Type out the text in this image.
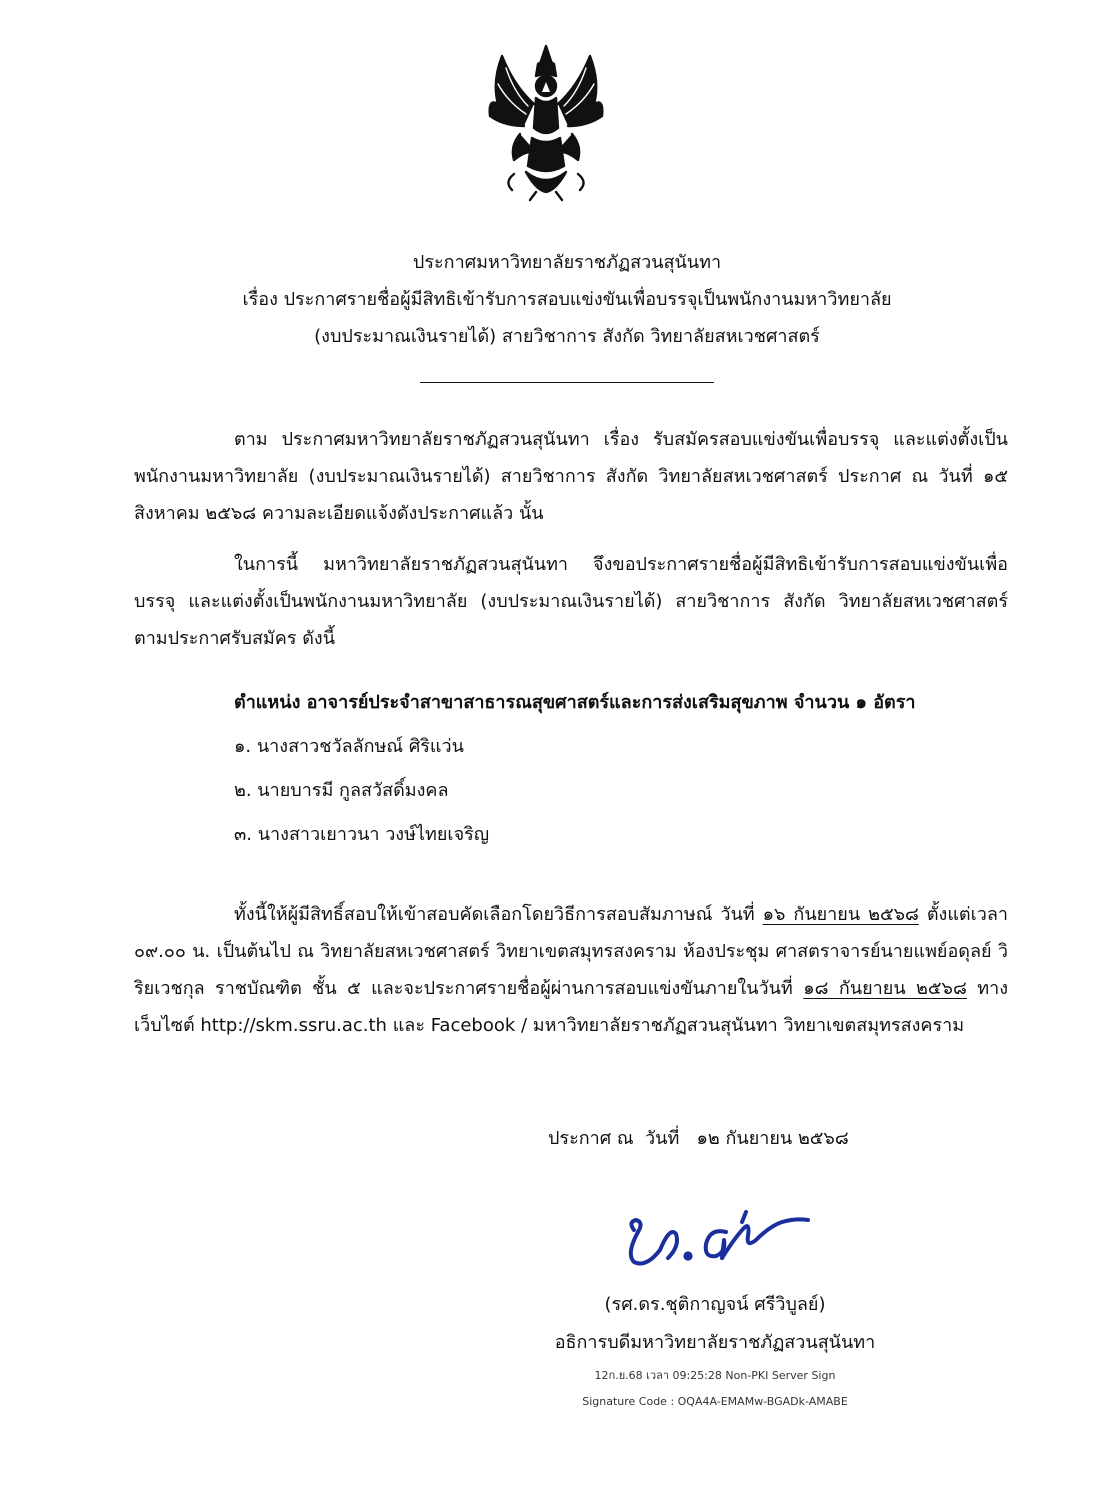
ประกาศมหาวิทยาลัยราชภัฏสวนสุนันทา
เรื่อง ประกาศรายชื่อผู้มีสิทธิเข้ารับการสอบแข่งขันเพื่อบรรจุเป็นพนักงานมหาวิทยาลัย
(งบประมาณเงินรายได้) สายวิชาการ สังกัด วิทยาลัยสหเวชศาสตร์
ตาม ประกาศมหาวิทยาลัยราชภัฏสวนสุนันทา เรื่อง รับสมัครสอบแข่งขันเพื่อบรรจุ และแต่งตั้งเป็นพนักงานมหาวิทยาลัย (งบประมาณเงินรายได้) สายวิชาการ สังกัด วิทยาลัยสหเวชศาสตร์ ประกาศ ณ วันที่ ๑๕ สิงหาคม ๒๕๖๘ ความละเอียดแจ้งดังประกาศแล้ว นั้น
ในการนี้ มหาวิทยาลัยราชภัฏสวนสุนันทา จึงขอประกาศรายชื่อผู้มีสิทธิเข้ารับการสอบแข่งขันเพื่อบรรจุ และแต่งตั้งเป็นพนักงานมหาวิทยาลัย (งบประมาณเงินรายได้) สายวิชาการ สังกัด วิทยาลัยสหเวชศาสตร์ ตามประกาศรับสมัคร ดังนี้
ตำแหน่ง อาจารย์ประจำสาขาสาธารณสุขศาสตร์และการส่งเสริมสุขภาพ จำนวน ๑ อัตรา
๑. นางสาวชวัลลักษณ์ ศิริแว่น
๒. นายบารมี กูลสวัสดิ์มงคล
๓. นางสาวเยาวนา วงษ์ไทยเจริญ
ทั้งนี้ให้ผู้มีสิทธิ์สอบให้เข้าสอบคัดเลือกโดยวิธีการสอบสัมภาษณ์ วันที่ ๑๖ กันยายน ๒๕๖๘ ตั้งแต่เวลา ๐๙.๐๐ น. เป็นต้นไป ณ วิทยาลัยสหเวชศาสตร์ วิทยาเขตสมุทรสงคราม ห้องประชุม ศาสตราจารย์นายแพย์อดุลย์ วิริยเวชกุล ราชบัณฑิต ชั้น ๕ และจะประกาศรายชื่อผู้ผ่านการสอบแข่งขันภายในวันที่ ๑๘ กันยายน ๒๕๖๘ ทางเว็บไซต์ http://skm.ssru.ac.th และ Facebook / มหาวิทยาลัยราชภัฏสวนสุนันทา วิทยาเขตสมุทรสงคราม
ประกาศ ณ  วันที่   ๑๒ กันยายน ๒๕๖๘
(รศ.ดร.ชุติกาญจน์ ศรีวิบูลย์)
อธิการบดีมหาวิทยาลัยราชภัฏสวนสุนันทา
12ก.ย.68 เวลา 09:25:28 Non-PKI Server Sign
Signature Code : OQA4A-EMAMw-BGADk-AMABE
